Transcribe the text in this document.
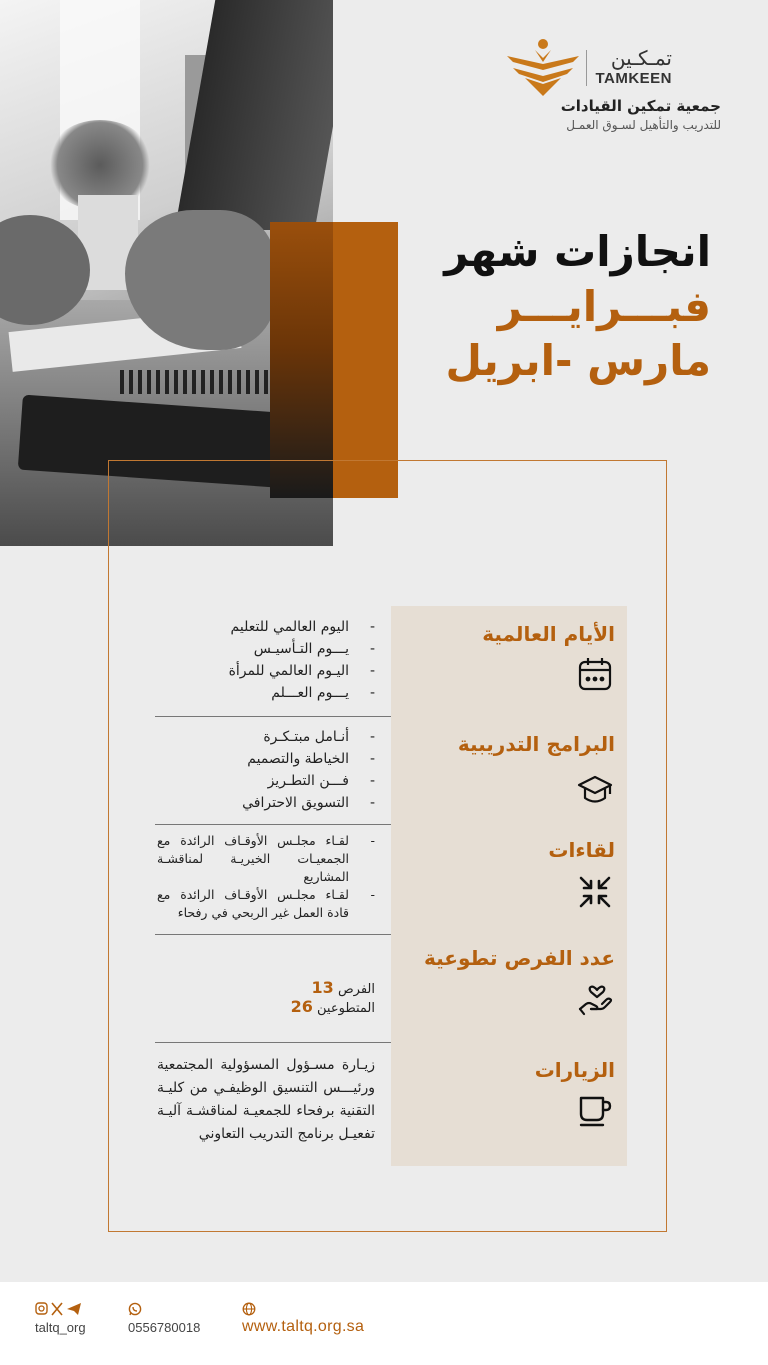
تمـكـين
TAMKEEN
جمعية تمكين القيادات
للتدريب والتأهيل لسـوق العمـل
انجازات شهر
فبـــرايـــر
مارس -ابريل
الأيام العالمية
- اليوم العالمي للتعليم
- يـــوم التـأسيـس
- اليـوم العالمي للمرأة
- يـــوم العـــلم
البرامج التدريبية
- أنـامل مبتـكـرة
- الخياطة والتصميم
- فـــن التطـريز
- التسويق الاحترافي
لقاءات
- لقـاء مجلـس الأوقـاف الرائدة مع الجمعيـات الخيريـة لمناقشـة المشاريع
- لقـاء مجلـس الأوقـاف الرائدة مع قادة العمل غير الربحي في رفحاء
عدد الفرص تطوعية
الفرص 13 المتطوعين 26
الزيارات
زيـارة مسـؤول المسؤولية المجتمعية ورئيـــس التنسيق الوظيفـي من كليـة التقنية برفحاء للجمعيـة لمناقشـة آليـة تفعيـل برنامج التدريب التعاوني
taltq_org	0556780018	www.taltq.org.sa
